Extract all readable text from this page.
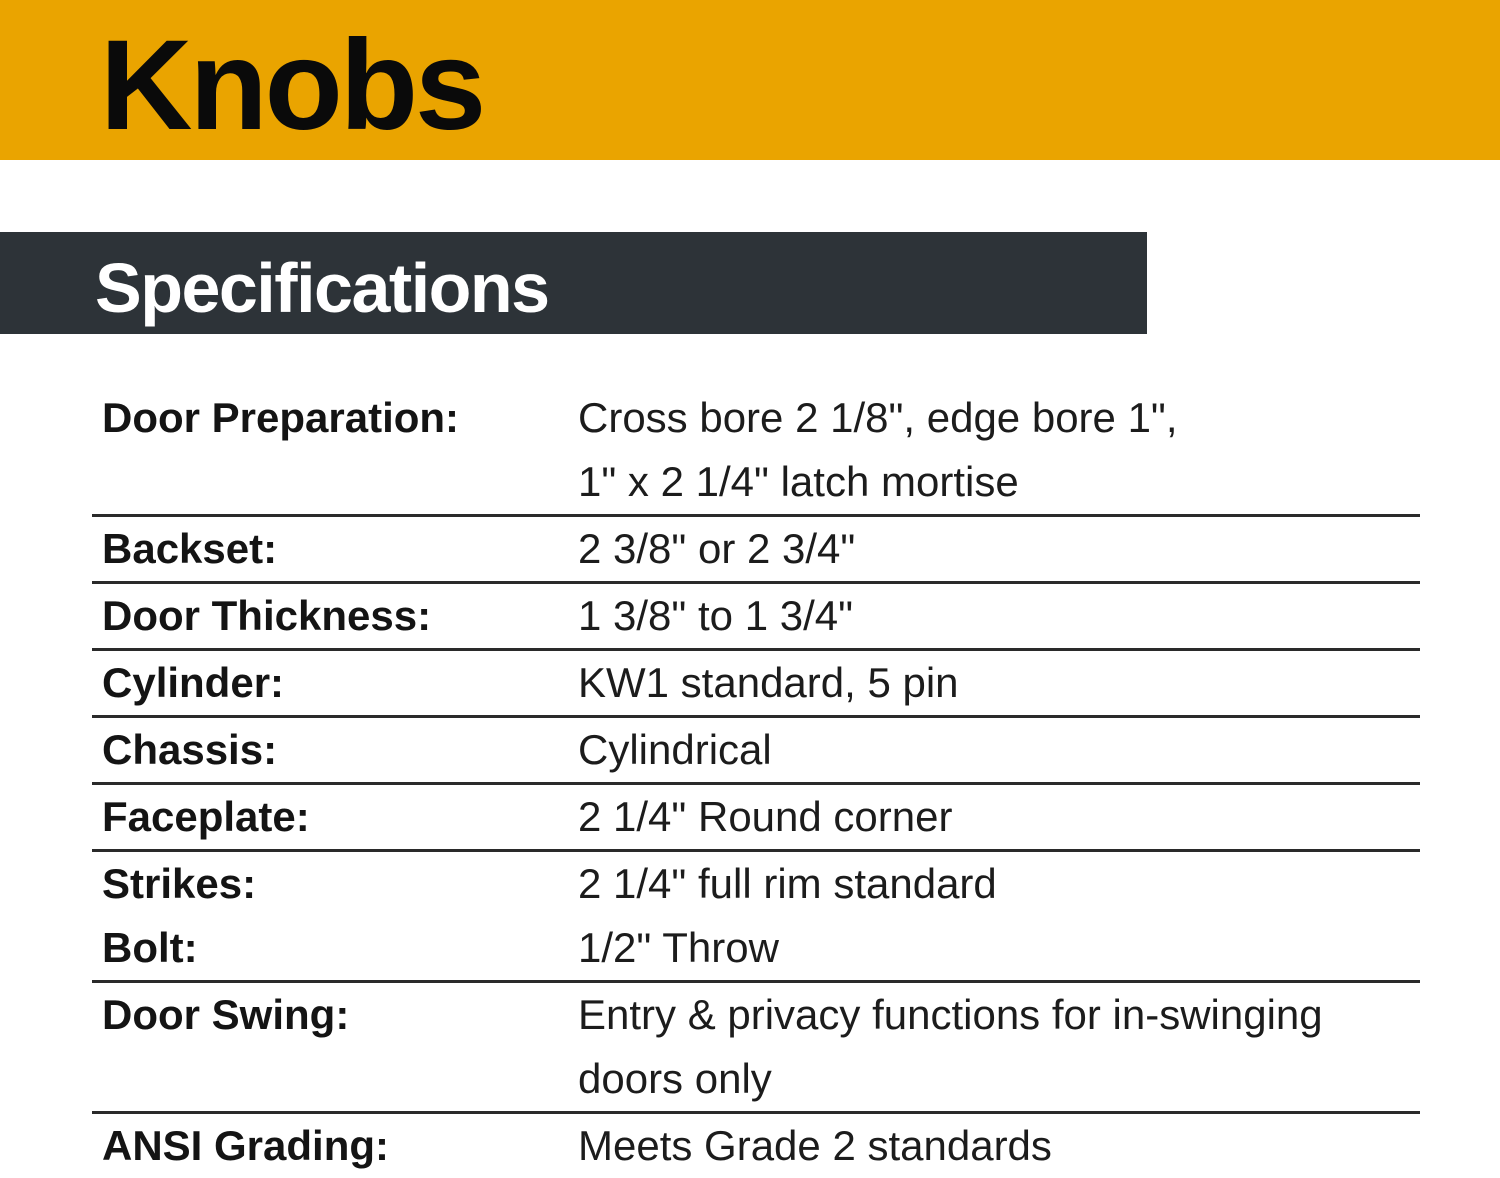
Knobs
Specifications
Door Preparation:	Cross bore 2 1/8", edge bore 1",
1" x 2 1/4" latch mortise

Backset:	2 3/8" or 2 3/4"

Door Thickness:	1 3/8" to 1 3/4"

Cylinder:	KW1 standard, 5 pin

Chassis:	Cylindrical

Faceplate:	2 1/4" Round corner

Strikes:	2 1/4" full rim standard

Bolt:	1/2" Throw

Door Swing:	Entry & privacy functions for in-swinging
doors only

ANSI Grading:	Meets Grade 2 standards
